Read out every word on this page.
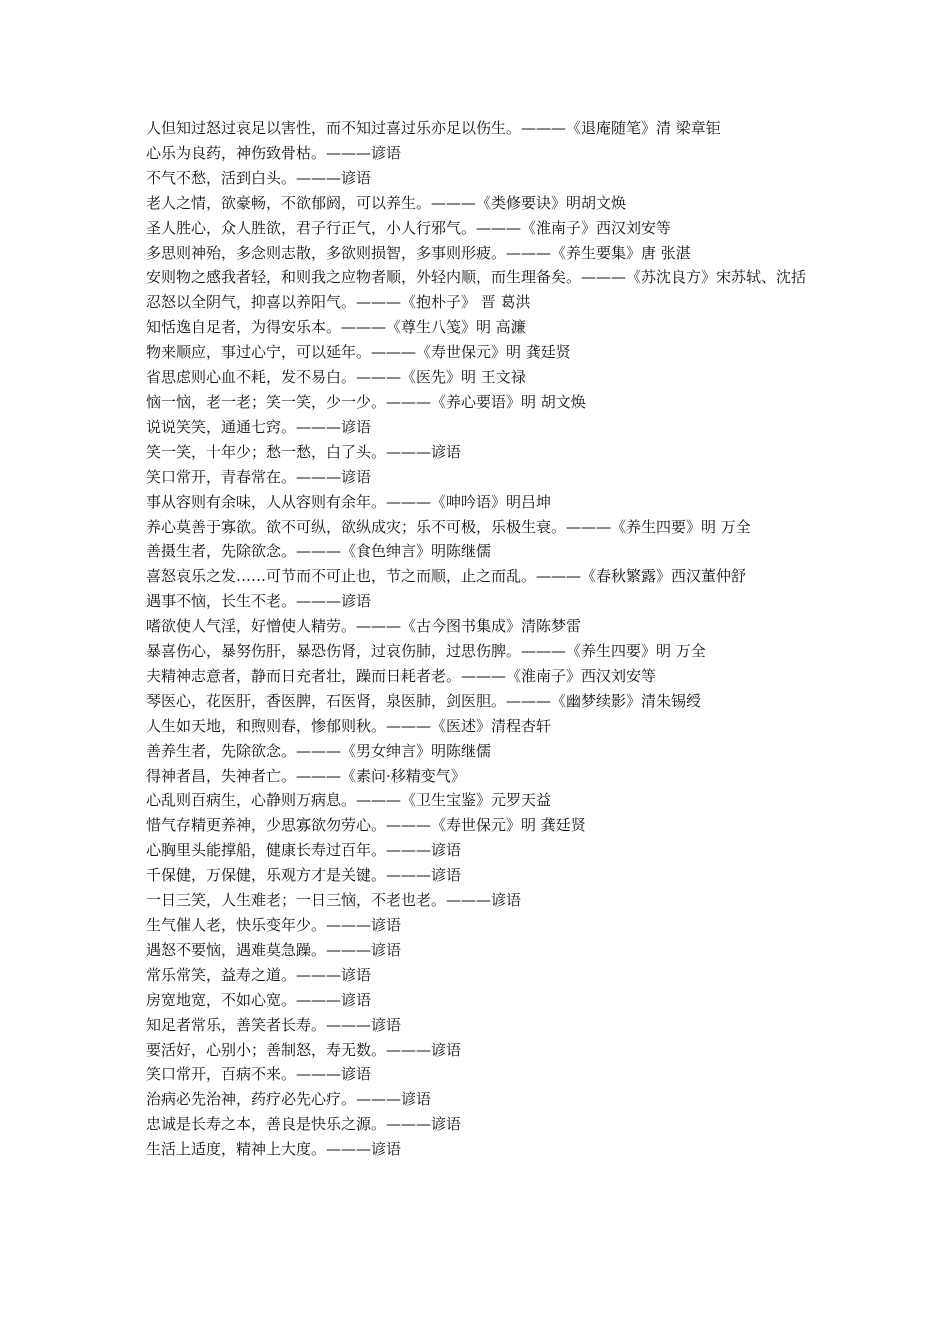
人但知过怒过哀足以害性，而不知过喜过乐亦足以伤生。———《退庵随笔》清 梁章钜
心乐为良药，神伤致骨枯。———谚语
不气不愁，活到白头。———谚语
老人之情，欲豪畅，不欲郁阏，可以养生。———《类修要诀》明胡文焕
圣人胜心，众人胜欲，君子行正气，小人行邪气。———《淮南子》西汉刘安等
多思则神殆，多念则志散，多欲则损智，多事则形疲。———《养生要集》唐 张湛
安则物之感我者轻，和则我之应物者顺，外轻内顺，而生理备矣。———《苏沈良方》宋苏轼、沈括
忍怒以全阴气，抑喜以养阳气。———《抱朴子》 晋 葛洪
知恬逸自足者，为得安乐本。———《尊生八笺》明 高濂
物来顺应，事过心宁，可以延年。———《寿世保元》明 龚廷贤
省思虑则心血不耗，发不易白。———《医先》明 王文禄
恼一恼，老一老；笑一笑，少一少。———《养心要语》明 胡文焕
说说笑笑，通通七窍。———谚语
笑一笑，十年少；愁一愁，白了头。———谚语
笑口常开，青春常在。———谚语
事从容则有余味，人从容则有余年。———《呻吟语》明吕坤
养心莫善于寡欲。欲不可纵，欲纵成灾；乐不可极，乐极生衰。———《养生四要》明 万全
善摄生者，先除欲念。———《食色绅言》明陈继儒
喜怒哀乐之发……可节而不可止也，节之而顺，止之而乱。———《春秋繁露》西汉董仲舒
遇事不恼，长生不老。———谚语
嗜欲使人气淫，好憎使人精劳。———《古今图书集成》清陈梦雷
暴喜伤心，暴努伤肝，暴恐伤肾，过哀伤肺，过思伤脾。———《养生四要》明 万全
夫精神志意者，静而日充者壮，躁而日耗者老。———《淮南子》西汉刘安等
琴医心，花医肝，香医脾，石医肾，泉医肺，剑医胆。———《幽梦续影》清朱锡绶
人生如天地，和煦则春，惨郁则秋。———《医述》清程杏轩
善养生者，先除欲念。———《男女绅言》明陈继儒
得神者昌，失神者亡。———《素问·移精变气》
心乱则百病生，心静则万病息。———《卫生宝鉴》元罗天益
惜气存精更养神，少思寡欲勿劳心。———《寿世保元》明 龚廷贤
心胸里头能撑船，健康长寿过百年。———谚语
千保健，万保健，乐观方才是关键。———谚语
一日三笑，人生难老；一日三恼，不老也老。———谚语
生气催人老，快乐变年少。———谚语
遇怒不要恼，遇难莫急躁。———谚语
常乐常笑，益寿之道。———谚语
房宽地宽，不如心宽。———谚语
知足者常乐，善笑者长寿。———谚语
要活好，心别小；善制怒，寿无数。———谚语
笑口常开，百病不来。———谚语
治病必先治神，药疗必先心疗。———谚语
忠诚是长寿之本，善良是快乐之源。———谚语
生活上适度，精神上大度。———谚语
